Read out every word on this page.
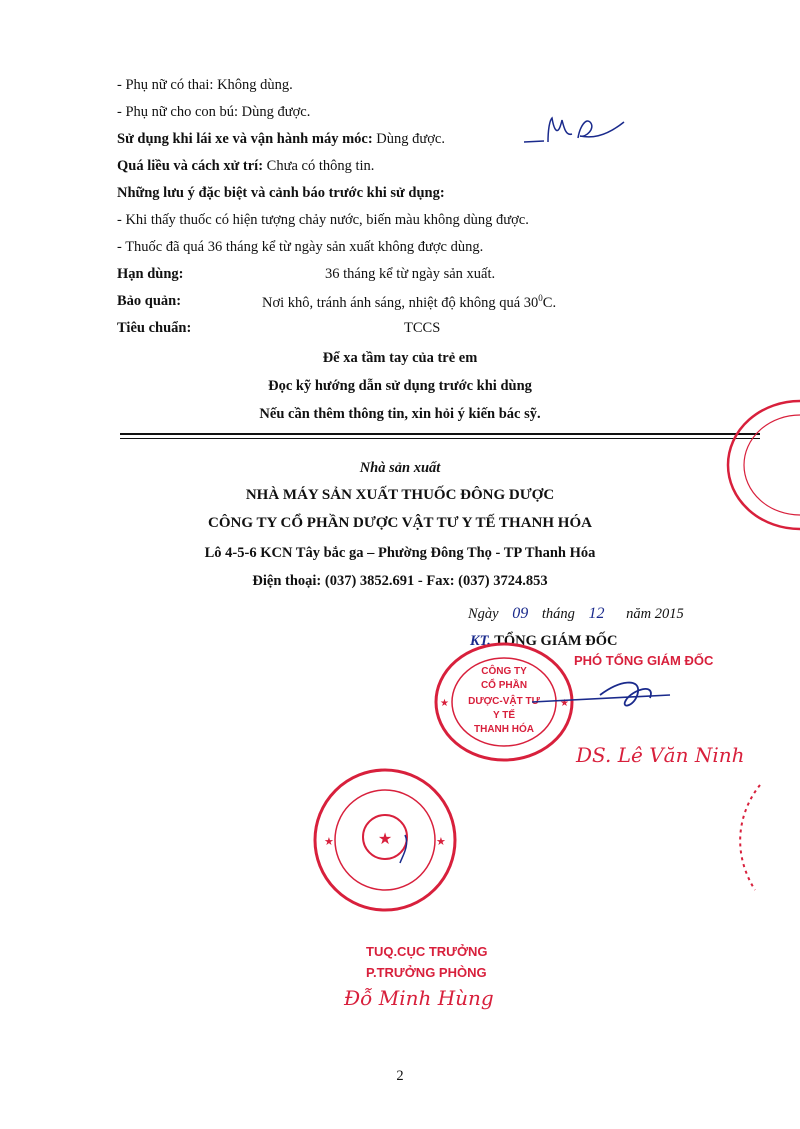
- Phụ nữ có thai: Không dùng.
- Phụ nữ cho con bú: Dùng được.
Sử dụng khi lái xe và vận hành máy móc: Dùng được.
Quá liều và cách xử trí: Chưa có thông tin.
Những lưu ý đặc biệt và cảnh báo trước khi sử dụng:
- Khi thấy thuốc có hiện tượng chảy nước, biến màu không dùng được.
- Thuốc đã quá 36 tháng kể từ ngày sản xuất không được dùng.
Hạn dùng:	36 tháng kể từ ngày sản xuất.
Bảo quản:	Nơi khô, tránh ánh sáng, nhiệt độ không quá $30^0C$.
Tiêu chuẩn:	TCCS
Để xa tầm tay của trẻ em
Đọc kỹ hướng dẫn sử dụng trước khi dùng
Nếu cần thêm thông tin, xin hỏi ý kiến bác sỹ.
Nhà sản xuất
NHÀ MÁY SẢN XUẤT THUỐC ĐÔNG DƯỢC
CÔNG TY CỔ PHẦN DƯỢC VẬT TƯ Y TẾ THANH HÓA
Lô 4-5-6 KCN Tây bắc ga – Phường Đông Thọ - TP Thanh Hóa
Điện thoại: (037) 3852.691 - Fax: (037) 3724.853
Ngày 09 tháng 12 năm 2015
KT. TỔNG GIÁM ĐỐC
PHÓ TỔNG GIÁM ĐỐC
DS. Lê Văn Ninh
★	★
CÔNG TY
CỔ PHẦN
DƯỢC-VẬT TƯ
Y TẾ
THANH HÓA
★
★	★
TUQ.CỤC TRƯỞNG
P.TRƯỞNG PHÒNG
Đỗ Minh Hùng
2
